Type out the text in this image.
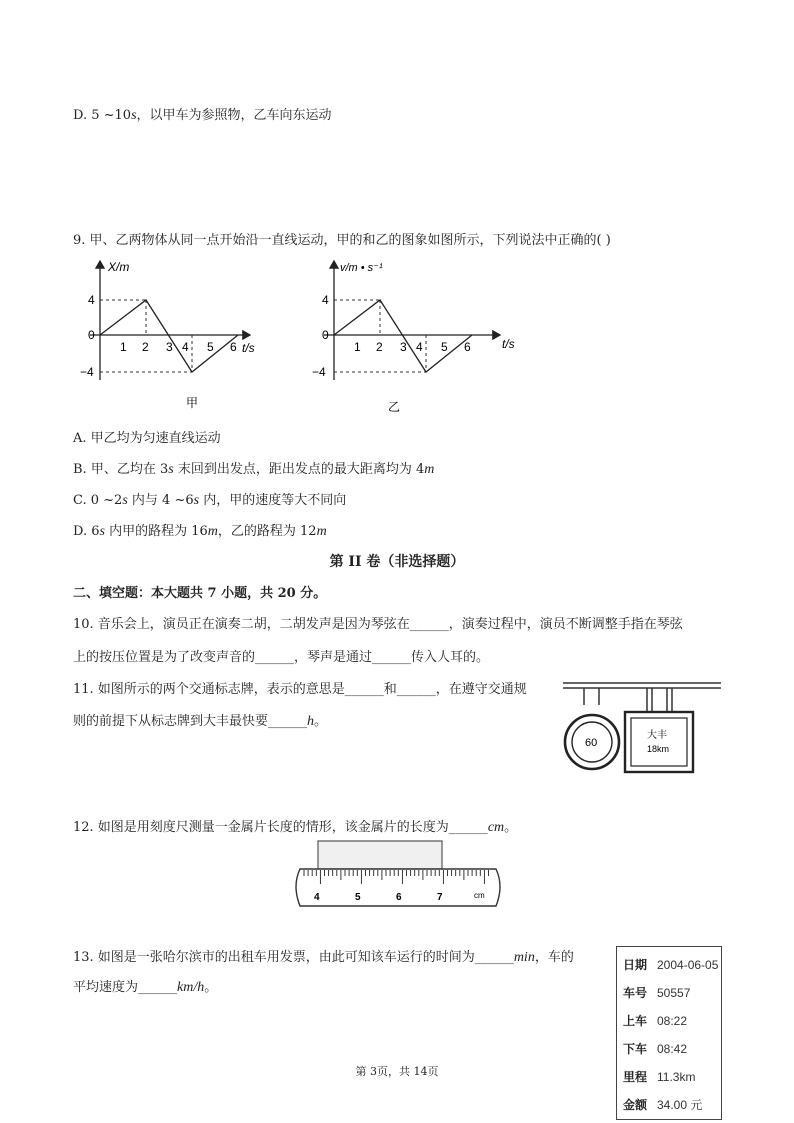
D. 5 ~10s，以甲车为参照物，乙车向东运动
9. 甲、乙两物体从同一点开始沿一直线运动，甲的和乙的图象如图所示，下列说法中正确的( )
X/m
t/s
4
0
−4
1 2 3 4 5 6
甲
v/m • s⁻¹
t/s
4
0
−4
1 2 3 4 5 6
乙
A. 甲乙均为匀速直线运动
B. 甲、乙均在 3s 末回到出发点，距出发点的最大距离均为 4m
C. 0 ~2s 内与 4 ~6s 内，甲的速度等大不同向
D. 6s 内甲的路程为 16m，乙的路程为 12m
第 II 卷（非选择题）
二、填空题：本大题共 7 小题，共 20 分。
10. 音乐会上，演员正在演奏二胡，二胡发声是因为琴弦在______，演奏过程中，演员不断调整手指在琴弦
上的按压位置是为了改变声音的______，琴声是通过______传入人耳的。
11. 如图所示的两个交通标志牌，表示的意思是______和______，在遵守交通规
则的前提下从标志牌到大丰最快要______h。
60
大丰
18km
12. 如图是用刻度尺测量一金属片长度的情形，该金属片的长度为______cm。
4	5	6	7	cm
13. 如图是一张哈尔滨市的出租车用发票，由此可知该车运行的时间为______min，车的
平均速度为______km/h。
日期 2004-06-05
车号 50557
上车 08:22
下车 08:42
里程 11.3km
金额 34.00 元
第 3页，共 14页
